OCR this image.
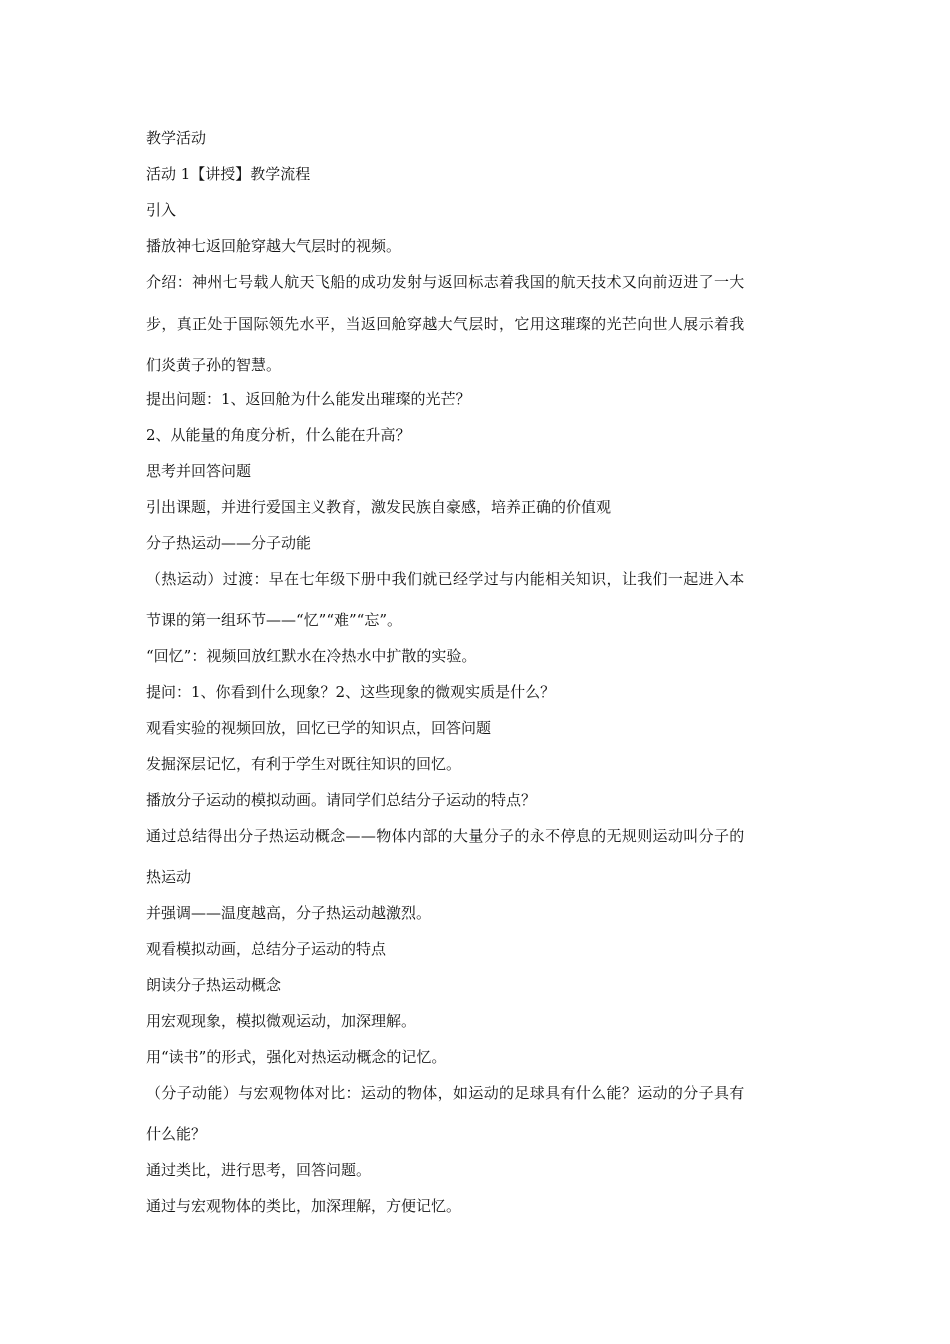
教学活动
活动 1【讲授】教学流程
引入
播放神七返回舱穿越大气层时的视频。
介绍：神州七号载人航天飞船的成功发射与返回标志着我国的航天技术又向前迈进了一大
步，真正处于国际领先水平，当返回舱穿越大气层时，它用这璀璨的光芒向世人展示着我
们炎黄子孙的智慧。
提出问题：1、返回舱为什么能发出璀璨的光芒？
2、从能量的角度分析，什么能在升高？
思考并回答问题
引出课题，并进行爱国主义教育，激发民族自豪感，培养正确的价值观
分子热运动——分子动能
（热运动）过渡：早在七年级下册中我们就已经学过与内能相关知识，让我们一起进入本
节课的第一组环节——“忆”“难”“忘”。
“回忆”：视频回放红默水在冷热水中扩散的实验。
提问：1、你看到什么现象？2、这些现象的微观实质是什么？
观看实验的视频回放，回忆已学的知识点，回答问题
发掘深层记忆，有利于学生对既往知识的回忆。
播放分子运动的模拟动画。请同学们总结分子运动的特点？
通过总结得出分子热运动概念——物体内部的大量分子的永不停息的无规则运动叫分子的
热运动
并强调——温度越高，分子热运动越激烈。
观看模拟动画，总结分子运动的特点
朗读分子热运动概念
用宏观现象，模拟微观运动，加深理解。
用“读书”的形式，强化对热运动概念的记忆。
（分子动能）与宏观物体对比：运动的物体，如运动的足球具有什么能？运动的分子具有
什么能？
通过类比，进行思考，回答问题。
通过与宏观物体的类比，加深理解，方便记忆。
